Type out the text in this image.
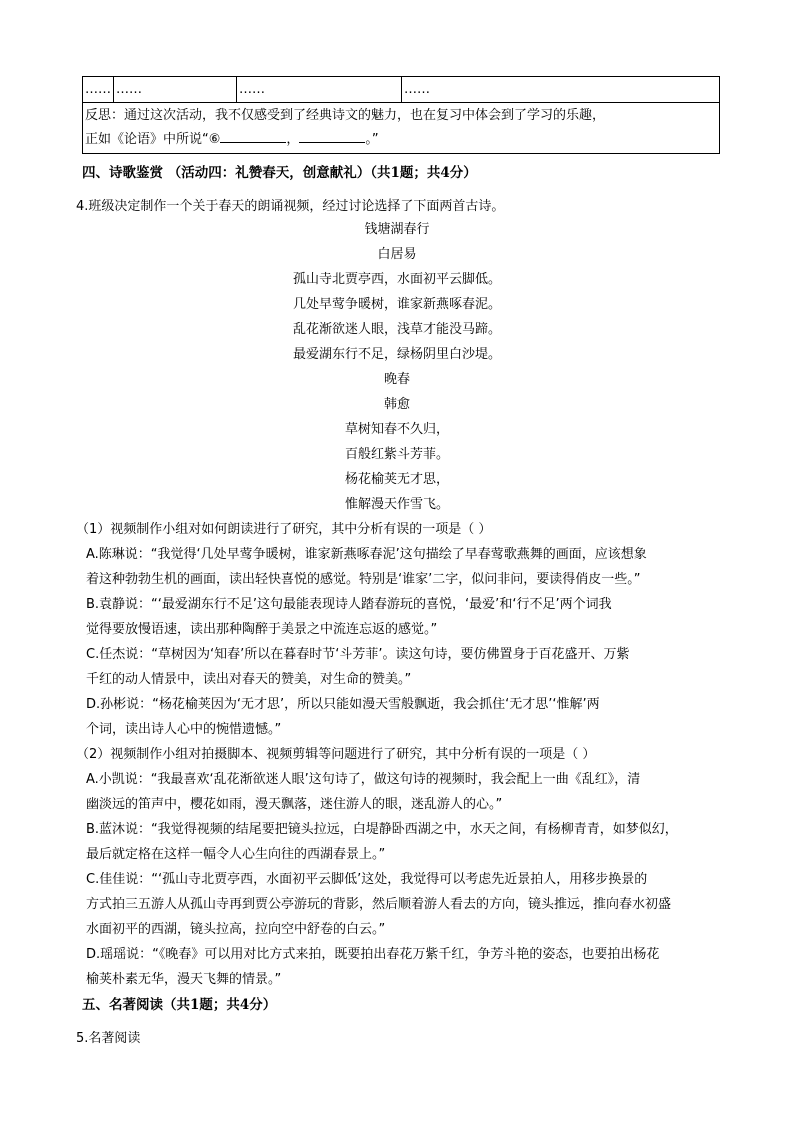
……	……	……	……

反思：通过这次活动，我不仅感受到了经典诗文的魅力，也在复习中体会到了学习的乐趣，
正如《论语》中所说“⑥	，	。”
四、诗歌鉴赏 （活动四：礼赞春天，创意献礼）（共1题；共4分）
4.班级决定制作一个关于春天的朗诵视频，经过讨论选择了下面两首古诗。
钱塘湖春行
白居易
孤山寺北贾亭西，水面初平云脚低。
几处早莺争暖树，谁家新燕啄春泥。
乱花渐欲迷人眼，浅草才能没马蹄。
最爱湖东行不足，绿杨阴里白沙堤。
晚春
韩愈
草树知春不久归，
百般红紫斗芳菲。
杨花榆荚无才思，
惟解漫天作雪飞。
（1）视频制作小组对如何朗读进行了研究，其中分析有误的一项是（ ）
A.陈琳说：“我觉得‘几处早莺争暖树，谁家新燕啄春泥’这句描绘了早春莺歌燕舞的画面，应该想象
着这种勃勃生机的画面，读出轻快喜悦的感觉。特别是‘谁家’二字，似问非问，要读得俏皮一些。”
B.袁静说：“‘最爱湖东行不足’这句最能表现诗人踏春游玩的喜悦，‘最爱’和‘行不足’两个词我
觉得要放慢语速，读出那种陶醉于美景之中流连忘返的感觉。”
C.任杰说：“草树因为‘知春’所以在暮春时节‘斗芳菲’。读这句诗，要仿佛置身于百花盛开、万紫
千红的动人情景中，读出对春天的赞美，对生命的赞美。”
D.孙彬说：“杨花榆荚因为‘无才思’，所以只能如漫天雪般飘逝，我会抓住‘无才思’‘惟解’两
个词，读出诗人心中的惋惜遗憾。”
（2）视频制作小组对拍摄脚本、视频剪辑等问题进行了研究，其中分析有误的一项是（ ）
A.小凯说：“我最喜欢‘乱花渐欲迷人眼’这句诗了，做这句诗的视频时，我会配上一曲《乱红》，清
幽淡远的笛声中，樱花如雨，漫天飘落，迷住游人的眼，迷乱游人的心。”
B.蓝沐说：“我觉得视频的结尾要把镜头拉远，白堤静卧西湖之中，水天之间，有杨柳青青，如梦似幻，
最后就定格在这样一幅令人心生向往的西湖春景上。”
C.佳佳说：“‘孤山寺北贾亭西，水面初平云脚低’这处，我觉得可以考虑先近景拍人，用移步换景的
方式拍三五游人从孤山寺再到贾公亭游玩的背影，然后顺着游人看去的方向，镜头推远，推向春水初盛
水面初平的西湖，镜头拉高，拉向空中舒卷的白云。”
D.瑶瑶说：“《晚春》可以用对比方式来拍，既要拍出春花万紫千红，争芳斗艳的姿态，也要拍出杨花
榆荚朴素无华，漫天飞舞的情景。”
五、名著阅读（共1题；共4分）
5.名著阅读
